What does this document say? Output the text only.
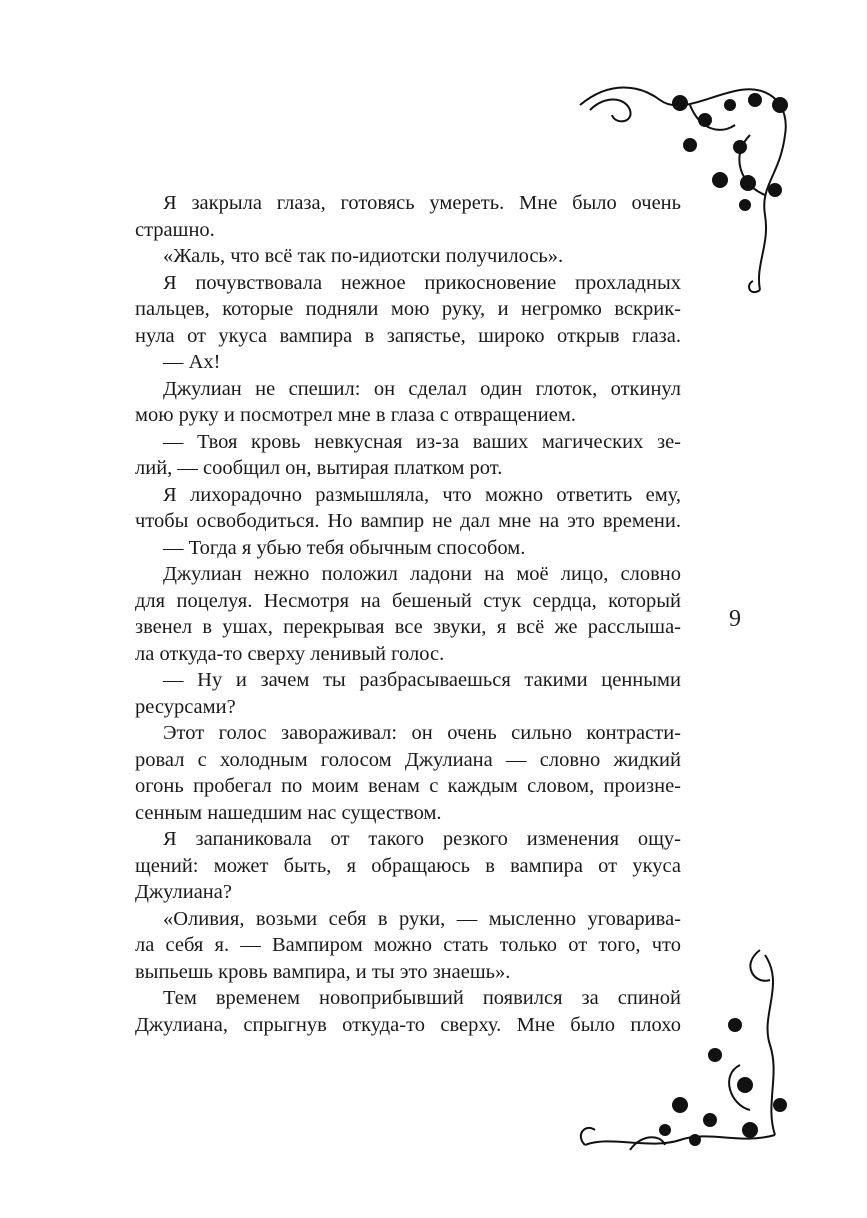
Я закрыла глаза, готовясь умереть. Мне было очень
страшно.
«Жаль, что всё так по-идиотски получилось».
Я почувствовала нежное прикосновение прохладных
пальцев, которые подняли мою руку, и негромко вскрик-
нула от укуса вампира в запястье, широко открыв глаза.
— Ах!
Джулиан не спешил: он сделал один глоток, откинул
мою руку и посмотрел мне в глаза с отвращением.
— Твоя кровь невкусная из-за ваших магических зе-
лий, — сообщил он, вытирая платком рот.
Я лихорадочно размышляла, что можно ответить ему,
чтобы освободиться. Но вампир не дал мне на это времени.
— Тогда я убью тебя обычным способом.
Джулиан нежно положил ладони на моё лицо, словно
для поцелуя. Несмотря на бешеный стук сердца, который
звенел в ушах, перекрывая все звуки, я всё же расслыша-
ла откуда-то сверху ленивый голос.
— Ну и зачем ты разбрасываешься такими ценными
ресурсами?
Этот голос завораживал: он очень сильно контрасти-
ровал с холодным голосом Джулиана — словно жидкий
огонь пробегал по моим венам с каждым словом, произне-
сенным нашедшим нас существом.
Я запаниковала от такого резкого изменения ощу-
щений: может быть, я обращаюсь в вампира от укуса
Джулиана?
«Оливия, возьми себя в руки, — мысленно уговарива-
ла себя я. — Вампиром можно стать только от того, что
выпьешь кровь вампира, и ты это знаешь».
Тем временем новоприбывший появился за спиной
Джулиана, спрыгнув откуда-то сверху. Мне было плохо
9
